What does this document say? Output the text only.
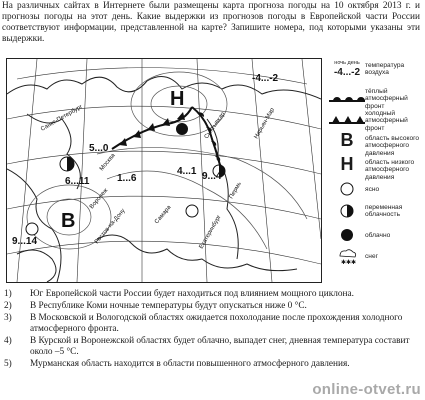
На различных сайтах в Интернете были размещены карта прогноза погоды на 10 октября 2013 г. и прогнозы погоды на этот день. Какие выдержки из прогнозов погоды в Европейской части России соответствуют информации, представленной на карте? Запишите номера, под которыми указаны эти выдержки.

Н
В
-4...-2
5...0
6...11	1...6
4...1 9...4
9...14
Санкт-Петербург	Сыктывкар
Москва
Воронеж
Ростов-на-Дону	Самара	Екатеринбург
Пермь
Нарьян-Мар
ночь день
-4...-2
температура воздуха
тёплый атмосферный фронт
холодный атмосферный фронт
В	область высокого атмосферного давления
Н	область низкого атмосферного давления
ясно
переменная облачность
облачно
✱✱✱
снег
1) Юг Европейской части России будет находиться под влиянием мощного циклона.
2) В Республике Коми ночные температуры будут опускаться ниже 0 °С.
3) В Московской и Вологодской областях ожидается похолодание после прохождения холодного атмосферного фронта.
4) В Курской и Воронежской областях будет облачно, выпадет снег, дневная температура составит около –5 °С.
5) Мурманская область находится в области повышенного атмосферного давления.
online-otvet.ru
